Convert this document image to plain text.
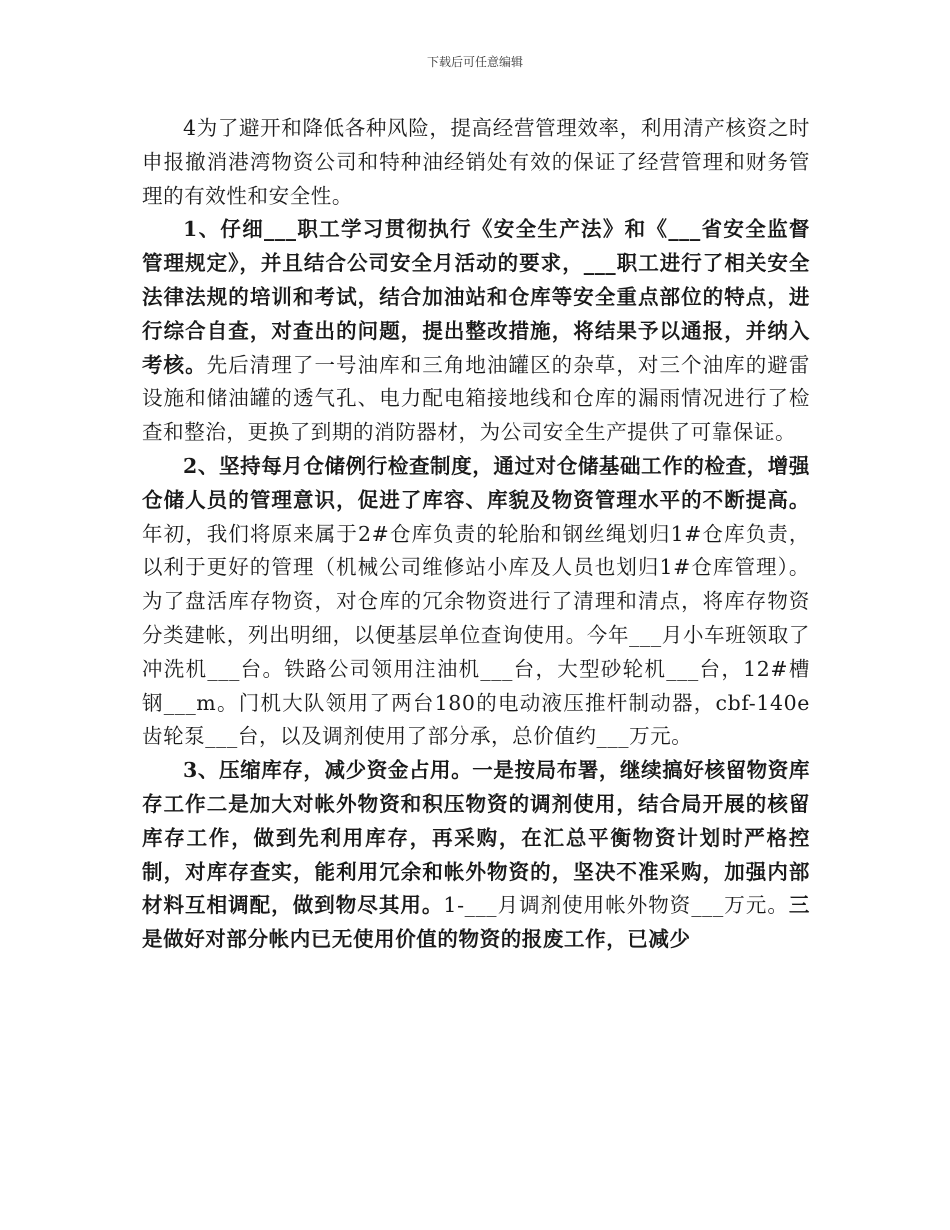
下载后可任意编辑

4为了避开和降低各种风险，提高经营管理效率，利用清产核资之时申报撤消港湾物资公司和特种油经销处有效的保证了经营管理和财务管理的有效性和安全性。

1、仔细___职工学习贯彻执行《安全生产法》和《___省安全监督管理规定》，并且结合公司安全月活动的要求，___职工进行了相关安全法律法规的培训和考试，结合加油站和仓库等安全重点部位的特点，进行综合自查，对查出的问题，提出整改措施，将结果予以通报，并纳入考核。先后清理了一号油库和三角地油罐区的杂草，对三个油库的避雷设施和储油罐的透气孔、电力配电箱接地线和仓库的漏雨情况进行了检查和整治，更换了到期的消防器材，为公司安全生产提供了可靠保证。

2、坚持每月仓储例行检查制度，通过对仓储基础工作的检查，增强仓储人员的管理意识，促进了库容、库貌及物资管理水平的不断提高。年初，我们将原来属于2#仓库负责的轮胎和钢丝绳划归1#仓库负责，以利于更好的管理（机械公司维修站小库及人员也划归1#仓库管理）。为了盘活库存物资，对仓库的冗余物资进行了清理和清点，将库存物资分类建帐，列出明细，以便基层单位查询使用。今年___月小车班领取了冲洗机___台。铁路公司领用注油机___台，大型砂轮机___台，12#槽钢___m。门机大队领用了两台180的电动液压推杆制动器，cbf-140e齿轮泵___台，以及调剂使用了部分承，总价值约___万元。

3、压缩库存，减少资金占用。一是按局布署，继续搞好核留物资库存工作二是加大对帐外物资和积压物资的调剂使用，结合局开展的核留库存工作，做到先利用库存，再采购，在汇总平衡物资计划时严格控制，对库存查实，能利用冗余和帐外物资的，坚决不准采购，加强内部材料互相调配，做到物尽其用。1-___月调剂使用帐外物资___万元。三是做好对部分帐内已无使用价值的物资的报废工作，已减少
